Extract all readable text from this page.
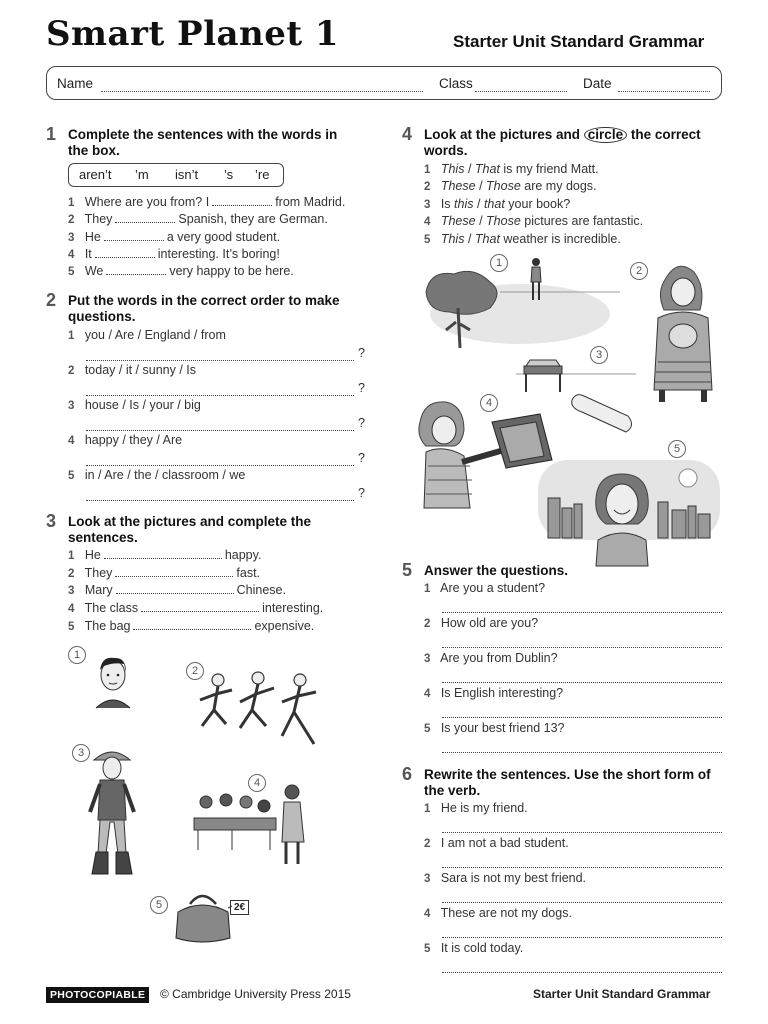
Smart Planet 1	Starter Unit Standard Grammar
Name	Class	Date
1 Complete the sentences with the words in
the box.
aren’t ’m isn’t ’s ’re
1 Where are you from? I	from Madrid.
2 They	Spanish, they are German.
3 He	a very good student.
4 It	interesting. It’s boring!
5 We	very happy to be here.
2 Put the words in the correct order to make
questions.
1 you / Are / England / from
?
2 today / it / sunny / Is
?
3 house / Is / your / big
?
4 happy / they / Are
?
5 in / Are / the / classroom / we
?
3 Look at the pictures and complete the
sentences.
1 He	happy.
2 They	fast.
3 Mary	Chinese.
4 The class	interesting.
5 The bag	expensive.
1
2
3
4
5	2€
4 Look at the pictures and circle the correct
words.
1 This / That is my friend Matt.
2 These / Those are my dogs.
3 Is this / that your book?
4 These / Those pictures are fantastic.
5 This / That weather is incredible.
1
2
3
4
5
5 Answer the questions.
1 Are you a student?
2 How old are you?
3 Are you from Dublin?
4 Is English interesting?
5 Is your best friend 13?
6 Rewrite the sentences. Use the short form of
the verb.
1 He is my friend.
2 I am not a bad student.
3 Sara is not my best friend.
4 These are not my dogs.
5 It is cold today.
PHOTOCOPIABLE	© Cambridge University Press 2015	Starter Unit Standard Grammar
